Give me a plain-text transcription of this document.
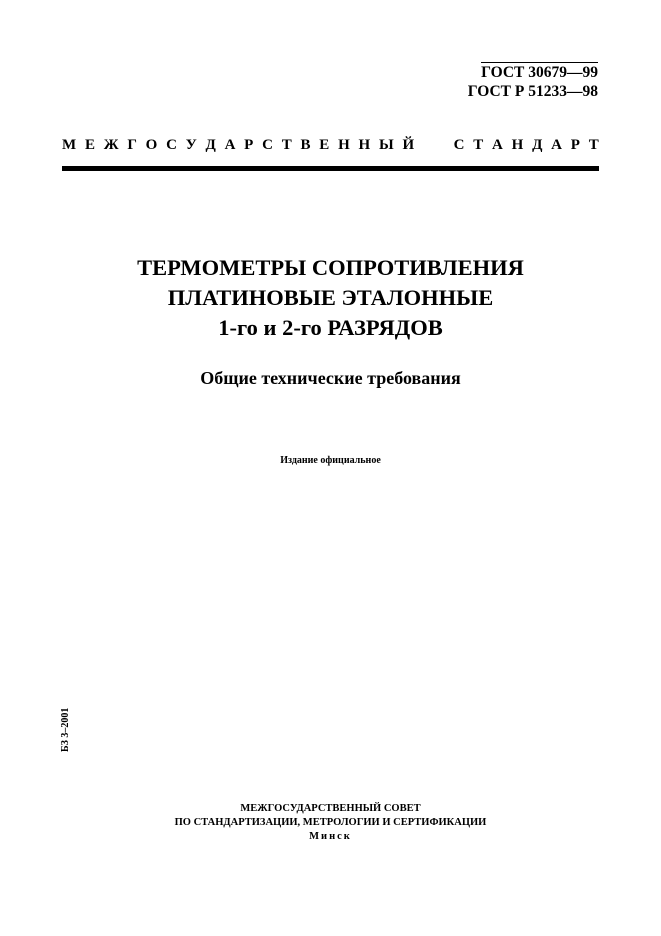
ГОСТ 30679—99

ГОСТ Р 51233—98
М Е Ж Г О С У Д А Р С Т В Е Н Н Ы Й	С Т А Н Д А Р Т
ТЕРМОМЕТРЫ СОПРОТИВЛЕНИЯ
ПЛАТИНОВЫЕ ЭТАЛОННЫЕ
1-го и 2-го РАЗРЯДОВ
Общие технические требования
Издание официальное
БЗ 3–2001
МЕЖГОСУДАРСТВЕННЫЙ СОВЕТ
ПО СТАНДАРТИЗАЦИИ, МЕТРОЛОГИИ И СЕРТИФИКАЦИИ
Минск
